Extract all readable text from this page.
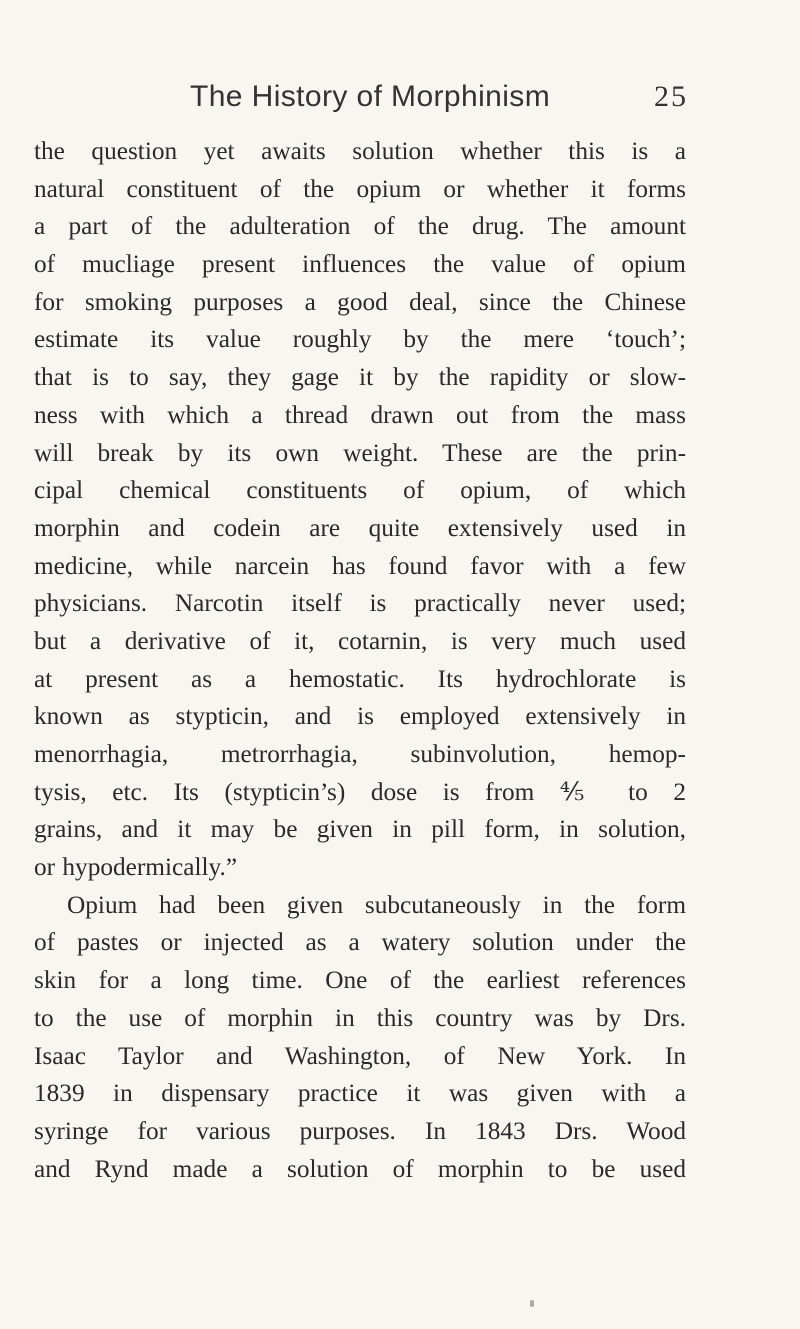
The History of Morphinism	25
the question yet awaits solution whether this is a
natural constituent of the opium or whether it forms
a part of the adulteration of the drug. The amount
of mucliage present influences the value of opium
for smoking purposes a good deal, since the Chinese
estimate its value roughly by the mere ‘touch’;
that is to say, they gage it by the rapidity or slow-
ness with which a thread drawn out from the mass
will break by its own weight. These are the prin-
cipal chemical constituents of opium, of which
morphin and codein are quite extensively used in
medicine, while narcein has found favor with a few
physicians. Narcotin itself is practically never used;
but a derivative of it, cotarnin, is very much used
at present as a hemostatic. Its hydrochlorate is
known as stypticin, and is employed extensively in
menorrhagia, metrorrhagia, subinvolution, hemop-
tysis, etc. Its (stypticin’s) dose is from ⅘ to 2
grains, and it may be given in pill form, in solution,
or hypodermically.”
Opium had been given subcutaneously in the form
of pastes or injected as a watery solution under the
skin for a long time. One of the earliest references
to the use of morphin in this country was by Drs.
Isaac Taylor and Washington, of New York. In
1839 in dispensary practice it was given with a
syringe for various purposes. In 1843 Drs. Wood
and Rynd made a solution of morphin to be used
